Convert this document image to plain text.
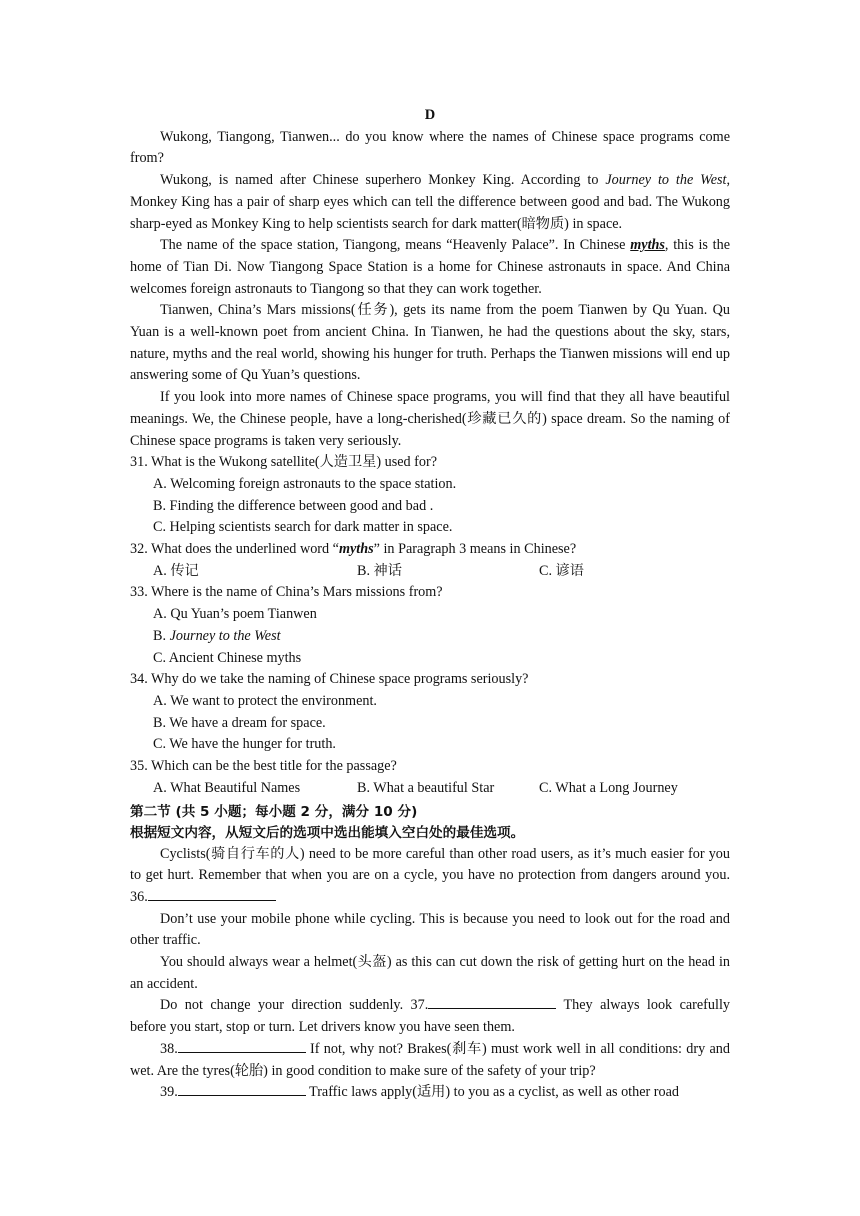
D

Wukong, Tiangong, Tianwen... do you know where the names of Chinese space programs come from?

Wukong, is named after Chinese superhero Monkey King. According to Journey to the West, Monkey King has a pair of sharp eyes which can tell the difference between good and bad. The Wukong sharp-eyed as Monkey King to help scientists search for dark matter(暗物质) in space.

The name of the space station, Tiangong, means “Heavenly Palace”. In Chinese myths, this is the home of Tian Di. Now Tiangong Space Station is a home for Chinese astronauts in space. And China welcomes foreign astronauts to Tiangong so that they can work together.

Tianwen, China’s Mars missions(任务), gets its name from the poem Tianwen by Qu Yuan. Qu Yuan is a well-known poet from ancient China. In Tianwen, he had the questions about the sky, stars, nature, myths and the real world, showing his hunger for truth. Perhaps the Tianwen missions will end up answering some of Qu Yuan’s questions.

If you look into more names of Chinese space programs, you will find that they all have beautiful meanings. We, the Chinese people, have a long-cherished(珍藏已久的) space dream. So the naming of Chinese space programs is taken very seriously.

31. What is the Wukong satellite(人造卫星) used for?
A. Welcoming foreign astronauts to the space station.
B. Finding the difference between good and bad .
C. Helping scientists search for dark matter in space.
32. What does the underlined word “myths” in Paragraph 3 means in Chinese?
A. 传记	B. 神话	C. 谚语
33. Where is the name of China’s Mars missions from?
A. Qu Yuan’s poem Tianwen
B. Journey to the West
C. Ancient Chinese myths
34. Why do we take the naming of Chinese space programs seriously?
A. We want to protect the environment.
B. We have a dream for space.
C. We have the hunger for truth.
35. Which can be the best title for the passage?
A. What Beautiful Names	B. What a beautiful Star	C. What a Long Journey
第二节 (共 5 小题；每小题 2 分，满分 10 分)
根据短文内容，从短文后的选项中选出能填入空白处的最佳选项。

Cyclists(骑自行车的人) need to be more careful than other road users, as it’s much easier for you to get hurt. Remember that when you are on a cycle, you have no protection from dangers around you. 36.

Don’t use your mobile phone while cycling. This is because you need to look out for the road and other traffic.

You should always wear a helmet(头盔) as this can cut down the risk of getting hurt on the head in an accident.

Do not change your direction suddenly. 37.	They always look carefully before you start, stop or turn. Let drivers know you have seen them.

38.	If not, why not? Brakes(刹车) must work well in all conditions: dry and wet. Are the tyres(轮胎) in good condition to make sure of the safety of your trip?

39.	Traffic laws apply(适用) to you as a cyclist, as well as other road
